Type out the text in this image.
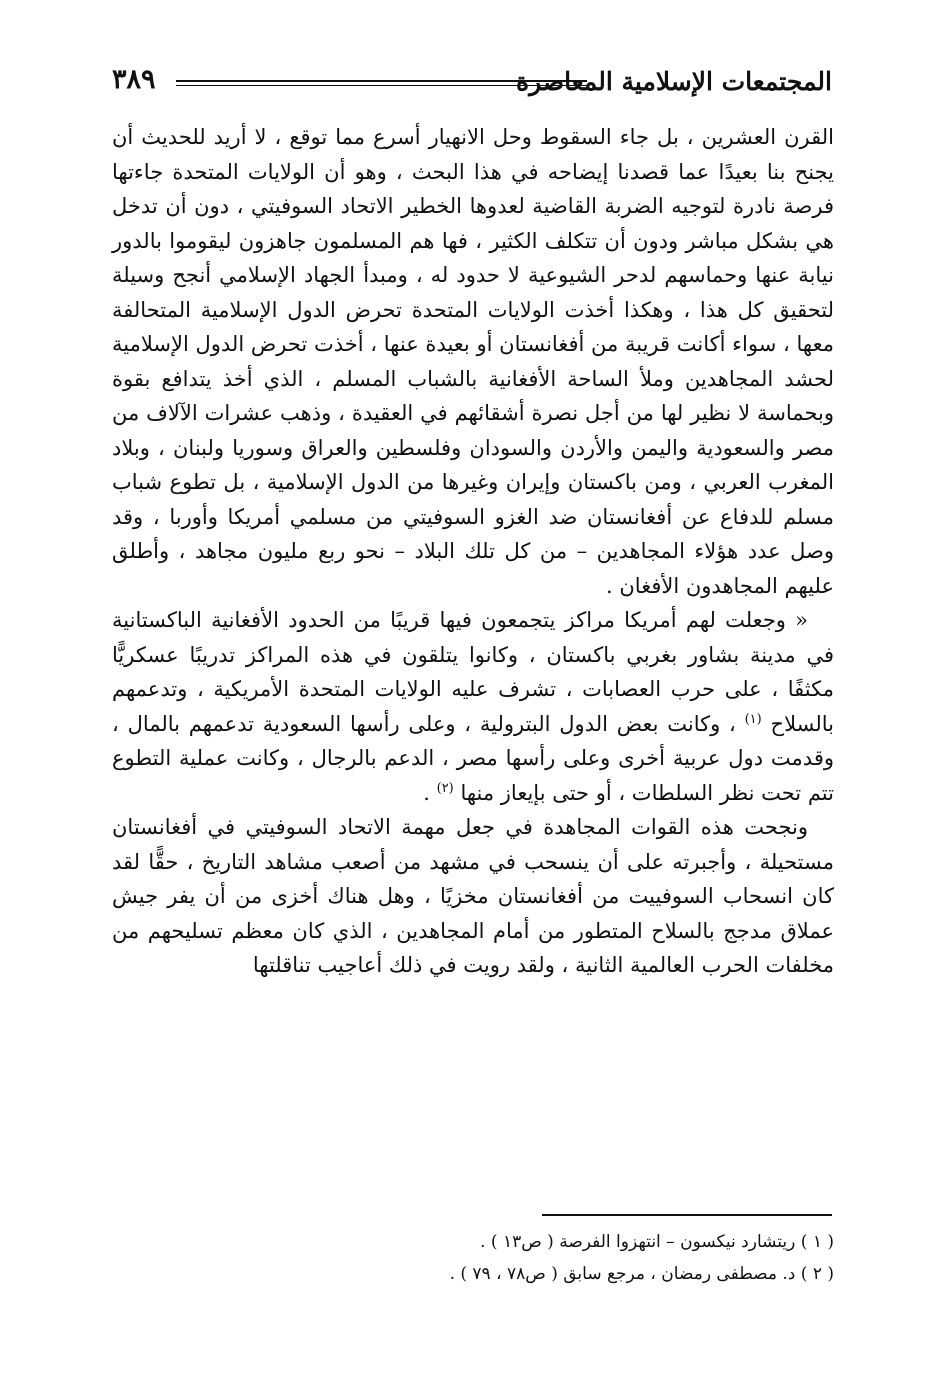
المجتمعات الإسلامية المعاصرة
٣٨٩

القرن العشرين ، بل جاء السقوط وحل الانهيار أسرع مما توقع ، لا أريد للحديث أن يجنح بنا بعيدًا عما قصدنا إيضاحه في هذا البحث ، وهو أن الولايات المتحدة جاءتها فرصة نادرة لتوجيه الضربة القاضية لعدوها الخطير الاتحاد السوفيتي ، دون أن تدخل هي بشكل مباشر ودون أن تتكلف الكثير ، فها هم المسلمون جاهزون ليقوموا بالدور نيابة عنها وحماسهم لدحر الشيوعية لا حدود له ، ومبدأ الجهاد الإسلامي أنجح وسيلة لتحقيق كل هذا ، وهكذا أخذت الولايات المتحدة تحرض الدول الإسلامية المتحالفة معها ، سواء أكانت قريبة من أفغانستان أو بعيدة عنها ، أخذت تحرض الدول الإسلامية لحشد المجاهدين وملأ الساحة الأفغانية بالشباب المسلم ، الذي أخذ يتدافع بقوة وبحماسة لا نظير لها من أجل نصرة أشقائهم في العقيدة ، وذهب عشرات الآلاف من مصر والسعودية واليمن والأردن والسودان وفلسطين والعراق وسوريا ولبنان ، وبلاد المغرب العربي ، ومن باكستان وإيران وغيرها من الدول الإسلامية ، بل تطوع شباب مسلم للدفاع عن أفغانستان ضد الغزو السوفيتي من مسلمي أمريكا وأوربا ، وقد وصل عدد هؤلاء المجاهدين – من كل تلك البلاد – نحو ربع مليون مجاهد ، وأطلق عليهم المجاهدون الأفغان .

« وجعلت لهم أمريكا مراكز يتجمعون فيها قريبًا من الحدود الأفغانية الباكستانية في مدينة بشاور بغربي باكستان ، وكانوا يتلقون في هذه المراكز تدريبًا عسكريًّا مكثفًا ، على حرب العصابات ، تشرف عليه الولايات المتحدة الأمريكية ، وتدعمهم بالسلاح $^{(١)}$ ، وكانت بعض الدول البترولية ، وعلى رأسها السعودية تدعمهم بالمال ، وقدمت دول عربية أخرى وعلى رأسها مصر ، الدعم بالرجال ، وكانت عملية التطوع تتم تحت نظر السلطات ، أو حتى بإيعاز منها $^{(٢)}$ .

ونجحت هذه القوات المجاهدة في جعل مهمة الاتحاد السوفيتي في أفغانستان مستحيلة ، وأجبرته على أن ينسحب في مشهد من أصعب مشاهد التاريخ ، حقًّا لقد كان انسحاب السوفييت من أفغانستان مخزيًا ، وهل هناك أخزى من أن يفر جيش عملاق مدجج بالسلاح المتطور من أمام المجاهدين ، الذي كان معظم تسليحهم من مخلفات الحرب العالمية الثانية ، ولقد رويت في ذلك أعاجيب تناقلتها

( ١ ) ريتشارد نيكسون – انتهزوا الفرصة ( ص١٣ ) .

( ٢ ) د. مصطفى رمضان ، مرجع سابق ( ص٧٨ ، ٧٩ ) .
